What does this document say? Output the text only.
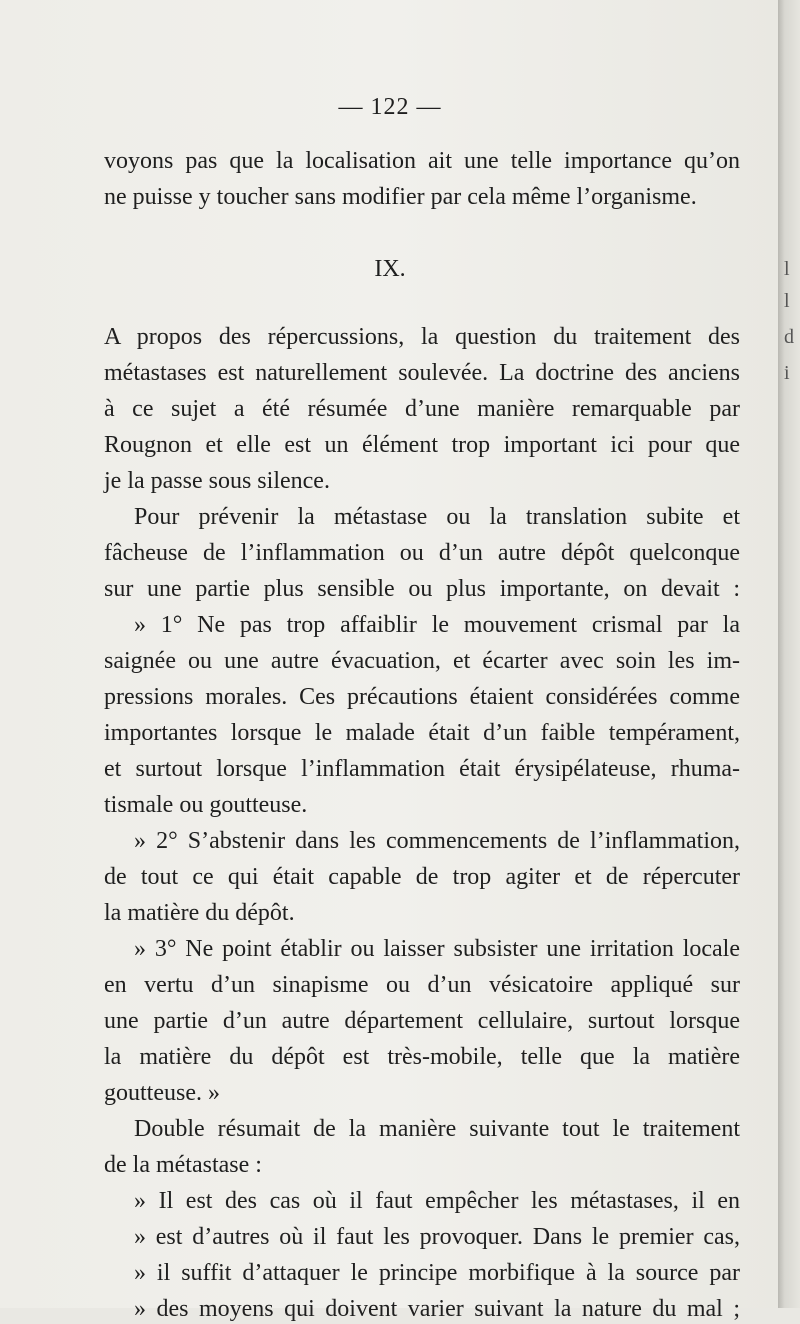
— 122 —
voyons pas que la localisation ait une telle importance qu’on
ne puisse y toucher sans modifier par cela même l’organisme.
IX.
A propos des répercussions, la question du traitement des
métastases est naturellement soulevée. La doctrine des anciens
à ce sujet a été résumée d’une manière remarquable par
Rougnon et elle est un élément trop important ici pour que
je la passe sous silence.
Pour prévenir la métastase ou la translation subite et
fâcheuse de l’inflammation ou d’un autre dépôt quelconque
sur une partie plus sensible ou plus importante, on devait :
» 1° Ne pas trop affaiblir le mouvement crismal par la
saignée ou une autre évacuation, et écarter avec soin les im-
pressions morales. Ces précautions étaient considérées comme
importantes lorsque le malade était d’un faible tempérament,
et surtout lorsque l’inflammation était érysipélateuse, rhuma-
tismale ou goutteuse.
» 2° S’abstenir dans les commencements de l’inflammation,
de tout ce qui était capable de trop agiter et de répercuter
la matière du dépôt.
» 3° Ne point établir ou laisser subsister une irritation locale
en vertu d’un sinapisme ou d’un vésicatoire appliqué sur
une partie d’un autre département cellulaire, surtout lorsque
la matière du dépôt est très-mobile, telle que la matière
goutteuse. »
Double résumait de la manière suivante tout le traitement
de la métastase :
» Il est des cas où il faut empêcher les métastases, il en
» est d’autres où il faut les provoquer. Dans le premier cas,
» il suffit d’attaquer le principe morbifique à la source par
» des moyens qui doivent varier suivant la nature du mal ;
l
l
d
i
